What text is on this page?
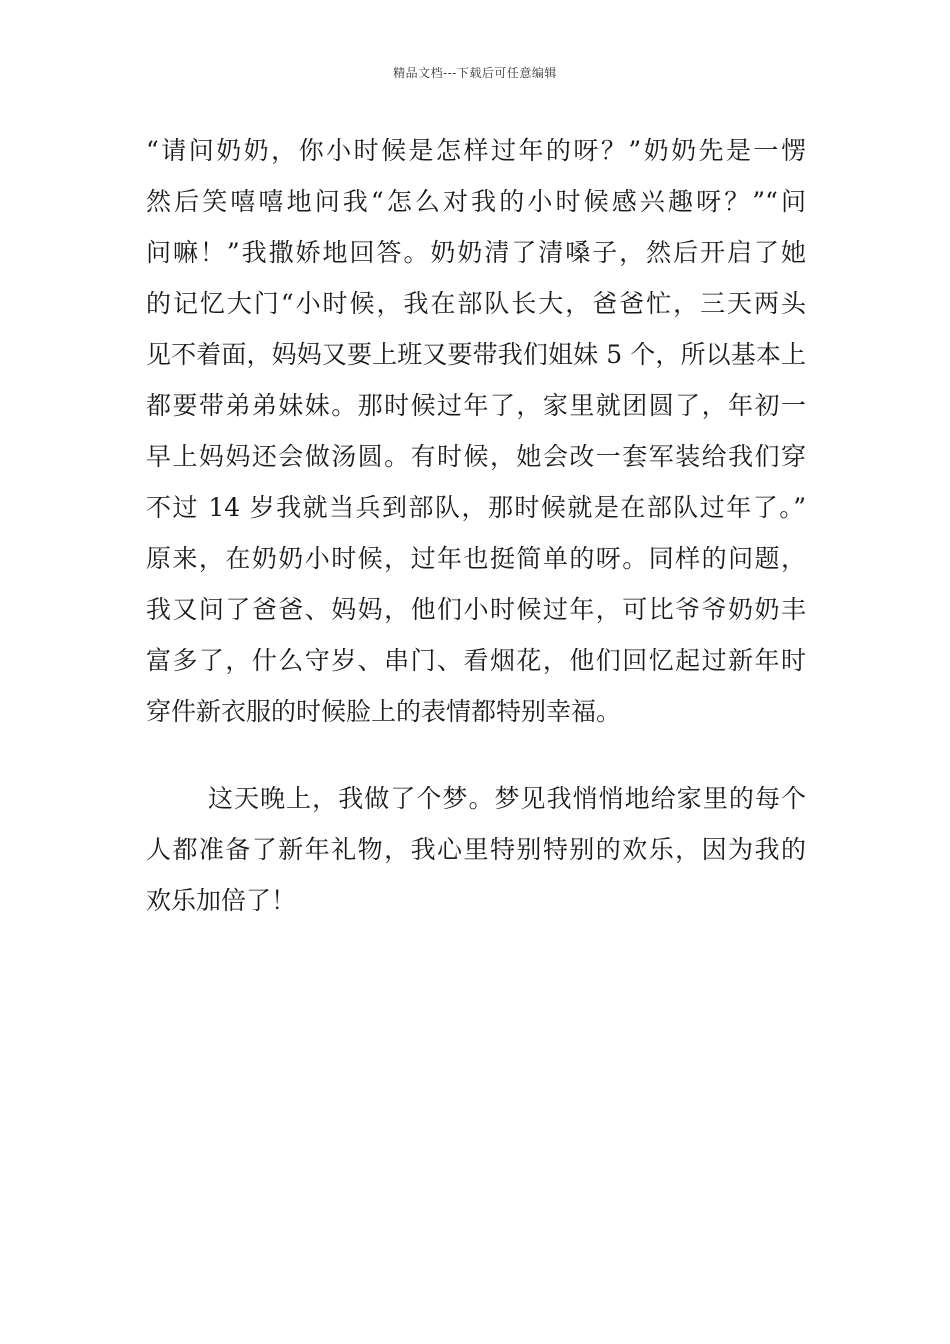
精品文档---下载后可任意编辑
“请问奶奶，你小时候是怎样过年的呀？”奶奶先是一愣
然后笑嘻嘻地问我“怎么对我的小时候感兴趣呀？”“问
问嘛！”我撒娇地回答。奶奶清了清嗓子，然后开启了她
的记忆大门“小时候，我在部队长大，爸爸忙，三天两头
见不着面，妈妈又要上班又要带我们姐妹 5 个，所以基本上
都要带弟弟妹妹。那时候过年了，家里就团圆了，年初一
早上妈妈还会做汤圆。有时候，她会改一套军装给我们穿
不过 14 岁我就当兵到部队，那时候就是在部队过年了。”
原来，在奶奶小时候，过年也挺简单的呀。同样的问题，
我又问了爸爸、妈妈，他们小时候过年，可比爷爷奶奶丰
富多了，什么守岁、串门、看烟花，他们回忆起过新年时
穿件新衣服的时候脸上的表情都特别幸福。
这天晚上，我做了个梦。梦见我悄悄地给家里的每个
人都准备了新年礼物，我心里特别特别的欢乐，因为我的
欢乐加倍了！
